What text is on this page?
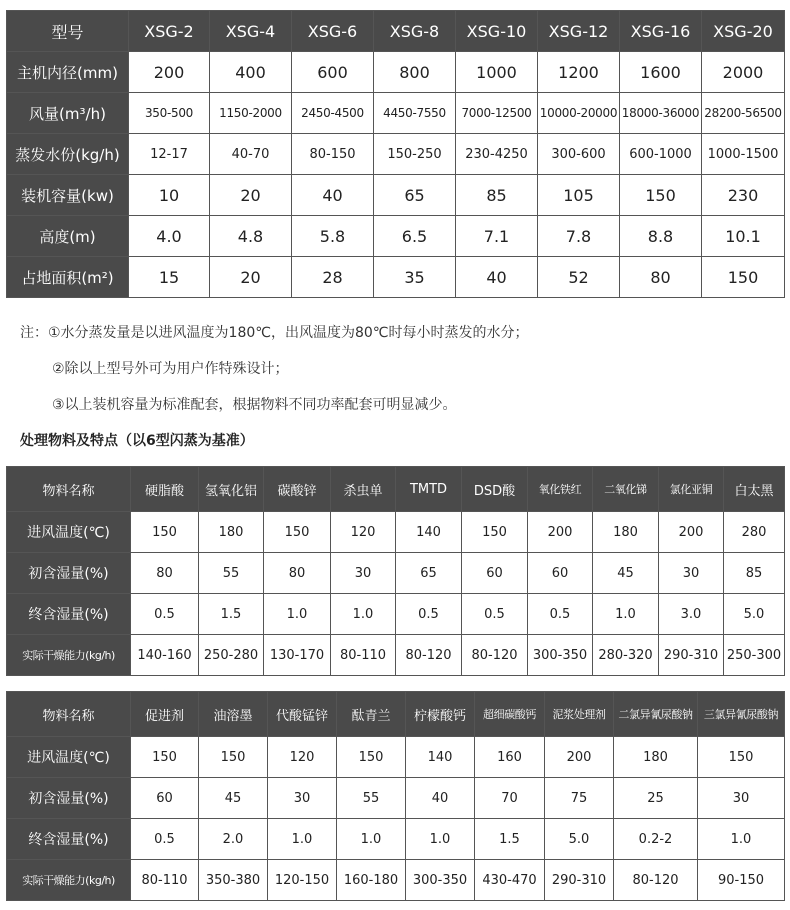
型号	XSG-2	XSG-4	XSG-6	XSG-8	XSG-10	XSG-12	XSG-16	XSG-20
主机内径(mm)	200	400	600	800	1000	1200	1600	2000
风量(m³/h)	350-500	1150-2000	2450-4500	4450-7550	7000-12500	10000-20000	18000-36000	28200-56500
蒸发水份(kg/h)	12-17	40-70	80-150	150-250	230-4250	300-600	600-1000	1000-1500
装机容量(kw)	10	20	40	65	85	105	150	230
高度(m)	4.0	4.8	5.8	6.5	7.1	7.8	8.8	10.1
占地面积(m²)	15	20	28	35	40	52	80	150
注：①水分蒸发量是以进风温度为180℃，出风温度为80℃时每小时蒸发的水分；
②除以上型号外可为用户作特殊设计；
③以上装机容量为标准配套，根据物料不同功率配套可明显减少。
处理物料及特点（以6型闪蒸为基准）
物料名称	硬脂酸	氢氧化铝	碳酸锌	杀虫单	TMTD	DSD酸	氧化铁红	二氧化锑	氯化亚铜	白太黑
进风温度(℃)	150	180	150	120	140	150	200	180	200	280
初含湿量(%)	80	55	80	30	65	60	60	45	30	85
终含湿量(%)	0.5	1.5	1.0	1.0	0.5	0.5	0.5	1.0	3.0	5.0
实际干燥能力(kg/h)	140-160	250-280	130-170	80-110	80-120	80-120	300-350	280-320	290-310	250-300
物料名称	促进剂	油溶墨	代酸锰锌	酞青兰	柠檬酸钙	超细碳酸钙	泥浆处理剂	二氯异氰尿酸钠	三氯异氰尿酸钠
进风温度(℃)	150	150	120	150	140	160	200	180	150
初含湿量(%)	60	45	30	55	40	70	75	25	30
终含湿量(%)	0.5	2.0	1.0	1.0	1.0	1.5	5.0	0.2-2	1.0
实际干燥能力(kg/h)	80-110	350-380	120-150	160-180	300-350	430-470	290-310	80-120	90-150
